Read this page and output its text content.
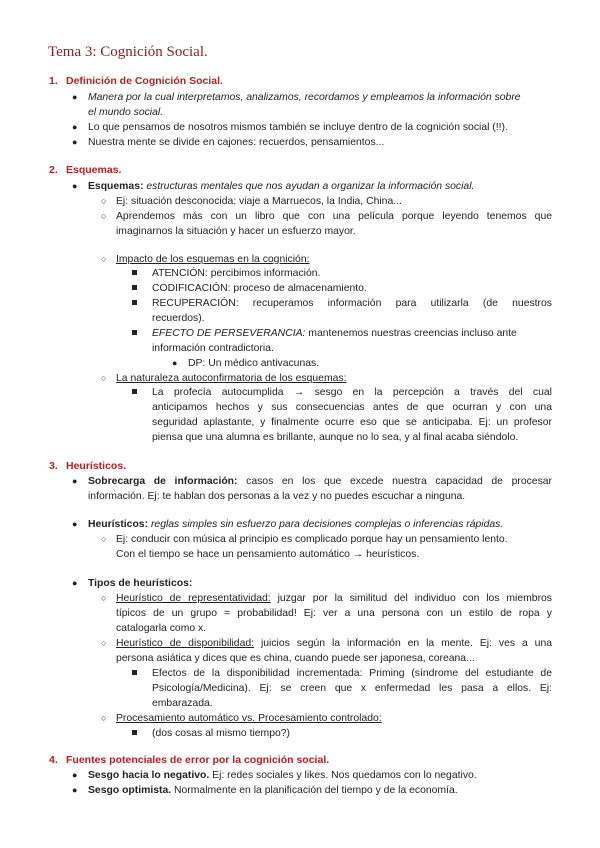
Tema 3: Cognición Social.
1. Definición de Cognición Social.
● Manera por la cual interpretamos, analizamos, recordamos y empleamos la información sobre
el mundo social.
● Lo que pensamos de nosotros mismos también se incluye dentro de la cognición social (!!).
● Nuestra mente se divide en cajones: recuerdos, pensamientos...
2. Esquemas.
● Esquemas: estructuras mentales que nos ayudan a organizar la información social.
○ Ej: situación desconocida: viaje a Marruecos, la India, China...
○ Aprendemos más con un libro que con una película porque leyendo tenemos que
imaginarnos la situación y hacer un esfuerzo mayor.
○ Impacto de los esquemas en la cognición:
ATENCIÓN: percibimos información.
CODIFICACIÓN: proceso de almacenamiento.
RECUPERACIÓN: recuperamos información para utilizarla (de nuestros
recuerdos).
EFECTO DE PERSEVERANCIA: mantenemos nuestras creencias incluso ante
información contradictoria.
● DP: Un médico antivacunas.
○ La naturaleza autoconfirmatoria de los esquemas:
La profecía autocumplida → sesgo en la percepción a través del cual
anticipamos hechos y sus consecuencias antes de que ocurran y con una
seguridad aplastante, y finalmente ocurre eso que se anticipaba. Ej: un profesor
piensa que una alumna es brillante, aunque no lo sea, y al final acaba siéndolo.
3. Heurísticos.
● Sobrecarga de información: casos en los que excede nuestra capacidad de procesar
información. Ej: te hablan dos personas a la vez y no puedes escuchar a ninguna.
● Heurísticos: reglas simples sin esfuerzo para decisiones complejas o inferencias rápidas.
○ Ej: conducir con música al principio es complicado porque hay un pensamiento lento.
Con el tiempo se hace un pensamiento automático → heurísticos.
● Tipos de heurísticos:
○ Heurístico de representatividad: juzgar por la similitud del individuo con los miembros
típicos de un grupo = probabilidad! Ej: ver a una persona con un estilo de ropa y
catalogarla como x.
○ Heurístico de disponibilidad: juicios según la información en la mente. Ej: ves a una
persona asiática y dices que es china, cuando puede ser japonesa, coreana...
Efectos de la disponibilidad incrementada: Priming (síndrome del estudiante de
Psicología/Medicina). Ej: se creen que x enfermedad les pasa a ellos. Ej:
embarazada.
○ Procesamiento automático vs. Procesamiento controlado:
(dos cosas al mismo tiempo?)
4. Fuentes potenciales de error por la cognición social.
● Sesgo hacia lo negativo. Ej: redes sociales y likes. Nos quedamos con lo negativo.
● Sesgo optimista. Normalmente en la planificación del tiempo y de la economía.
